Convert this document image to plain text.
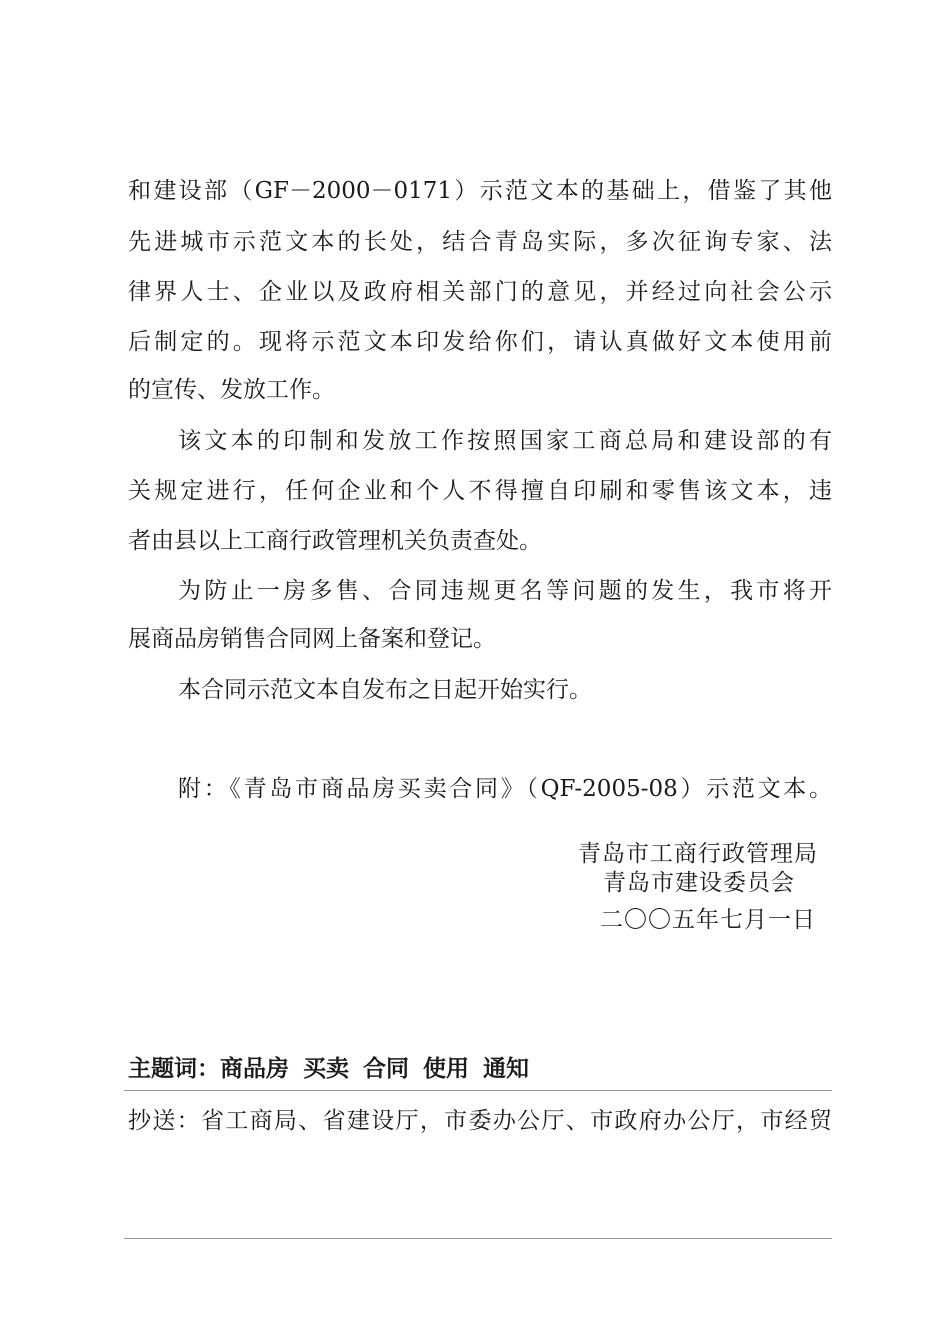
和建设部（GF－2000－0171）示范文本的基础上，借鉴了其他
先进城市示范文本的长处，结合青岛实际，多次征询专家、法
律界人士、企业以及政府相关部门的意见，并经过向社会公示
后制定的。现将示范文本印发给你们，请认真做好文本使用前
的宣传、发放工作。
该文本的印制和发放工作按照国家工商总局和建设部的有
关规定进行，任何企业和个人不得擅自印刷和零售该文本，违
者由县以上工商行政管理机关负责查处。
为防止一房多售、合同违规更名等问题的发生，我市将开
展商品房销售合同网上备案和登记。
本合同示范文本自发布之日起开始实行。
附：《青岛市商品房买卖合同》（QF-2005-08）示范文本。
青岛市工商行政管理局
青岛市建设委员会
二〇〇五年七月一日
主题词：商品房 买卖 合同 使用 通知
抄送：省工商局、省建设厅，市委办公厅、市政府办公厅，市经贸
